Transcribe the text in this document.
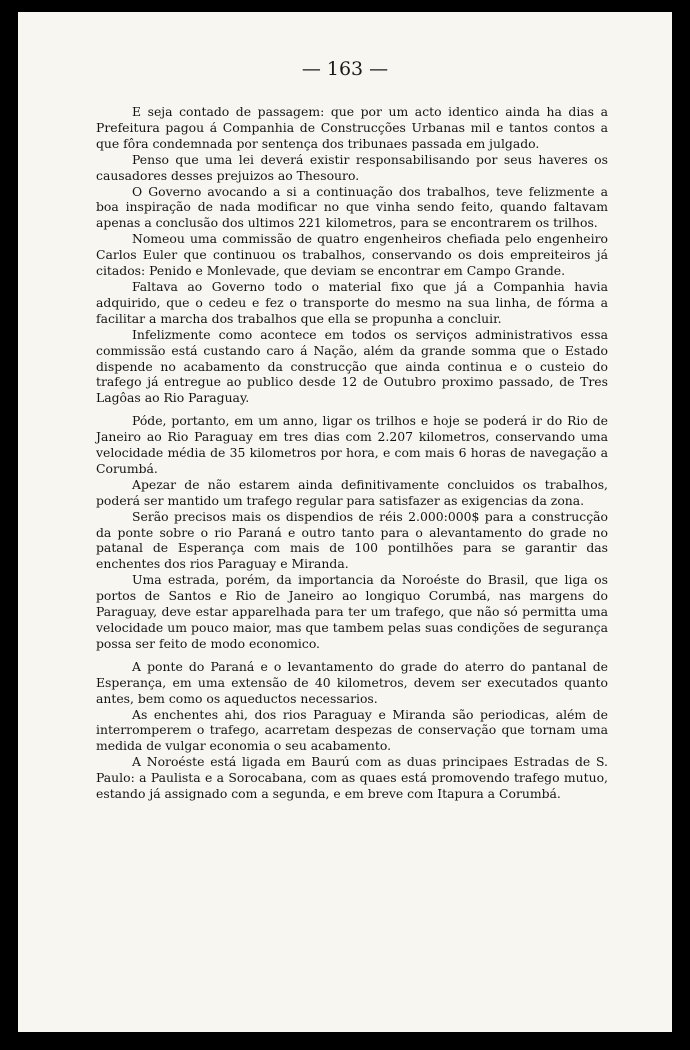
— 163 —

E seja contado de passagem: que por um acto identico ainda ha dias a Prefeitura pagou á Companhia de Construcções Urbanas mil e tantos contos a que fôra condemnada por sentença dos tribunaes passada em julgado.

Penso que uma lei deverá existir responsabilisando por seus haveres os causadores desses prejuizos ao Thesouro.

O Governo avocando a si a continuação dos trabalhos, teve felizmente a boa inspiração de nada modificar no que vinha sendo feito, quando faltavam apenas a conclusão dos ultimos 221 kilometros, para se encontrarem os trilhos.

Nomeou uma commissão de quatro engenheiros chefiada pelo engenheiro Carlos Euler que continuou os trabalhos, conservando os dois empreiteiros já citados: Penido e Monlevade, que deviam se encontrar em Campo Grande.

Faltava ao Governo todo o material fixo que já a Companhia havia adquirido, que o cedeu e fez o transporte do mesmo na sua linha, de fórma a facilitar a marcha dos trabalhos que ella se propunha a concluir.

Infelizmente como acontece em todos os serviços administrativos essa commissão está custando caro á Nação, além da grande somma que o Estado dispende no acabamento da construcção que ainda continua e o custeio do trafego já entregue ao publico desde 12 de Outubro proximo passado, de Tres Lagôas ao Rio Paraguay.

Póde, portanto, em um anno, ligar os trilhos e hoje se poderá ir do Rio de Janeiro ao Rio Paraguay em tres dias com 2.207 kilometros, conservando uma velocidade média de 35 kilometros por hora, e com mais 6 horas de navegação a Corumbá.

Apezar de não estarem ainda definitivamente concluidos os trabalhos, poderá ser mantido um trafego regular para satisfazer as exigencias da zona.

Serão precisos mais os dispendios de réis 2.000:000$ para a construcção da ponte sobre o rio Paraná e outro tanto para o alevantamento do grade no patanal de Esperança com mais de 100 pontilhões para se garantir das enchentes dos rios Paraguay e Miranda.

Uma estrada, porém, da importancia da Noroéste do Brasil, que liga os portos de Santos e Rio de Janeiro ao longiquo Corumbá, nas margens do Paraguay, deve estar apparelhada para ter um trafego, que não só permitta uma velocidade um pouco maior, mas que tambem pelas suas condições de segurança possa ser feito de modo economico.

A ponte do Paraná e o levantamento do grade do aterro do pantanal de Esperança, em uma extensão de 40 kilometros, devem ser executados quanto antes, bem como os aqueductos necessarios.

As enchentes ahi, dos rios Paraguay e Miranda são periodicas, além de interromperem o trafego, acarretam despezas de conservação que tornam uma medida de vulgar economia o seu acabamento.

A Noroéste está ligada em Baurú com as duas principaes Estradas de S. Paulo: a Paulista e a Sorocabana, com as quaes está promovendo trafego mutuo, estando já assignado com a segunda, e em breve com Itapura a Corumbá.
